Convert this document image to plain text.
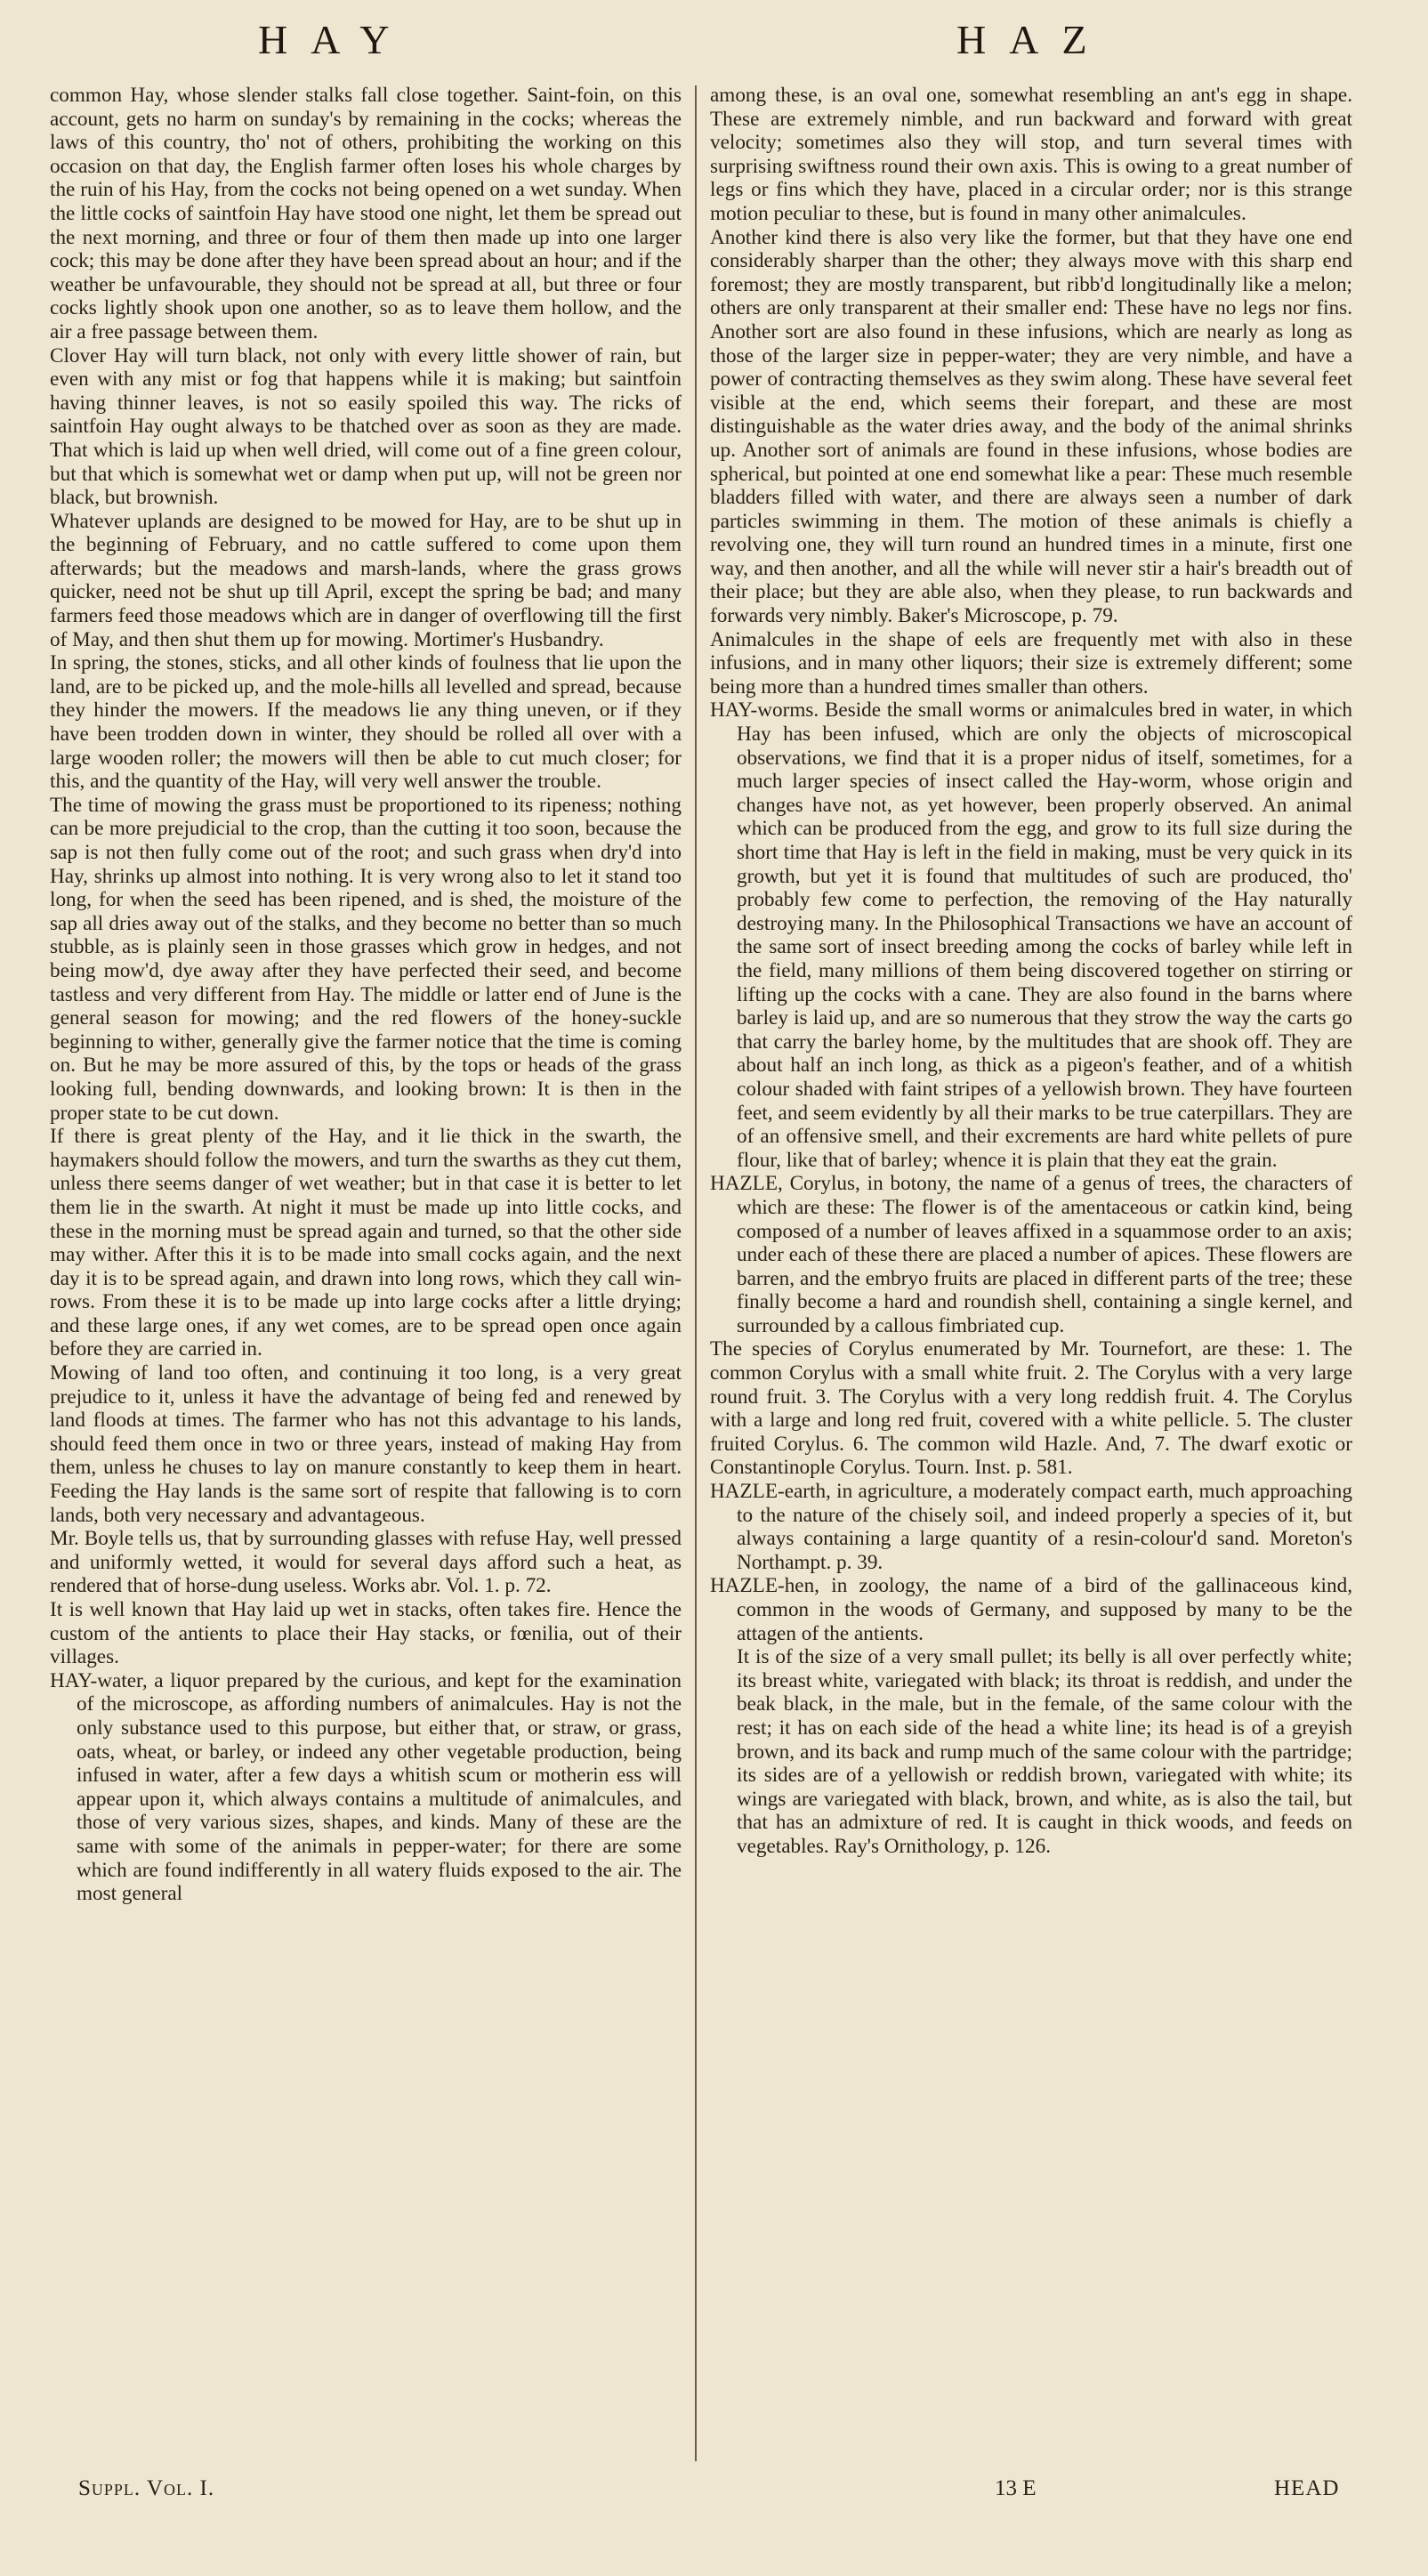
HAY	HAZ

common Hay, whose slender stalks fall close together. Saint-foin, on this account, gets no harm on sunday's by remaining in the cocks; whereas the laws of this country, tho' not of others, prohibiting the working on this occasion on that day, the English farmer often loses his whole charges by the ruin of his Hay, from the cocks not being opened on a wet sunday. When the little cocks of saintfoin Hay have stood one night, let them be spread out the next morning, and three or four of them then made up into one larger cock; this may be done after they have been spread about an hour; and if the weather be unfavourable, they should not be spread at all, but three or four cocks lightly shook upon one another, so as to leave them hollow, and the air a free passage between them.

Clover Hay will turn black, not only with every little shower of rain, but even with any mist or fog that happens while it is making; but saintfoin having thinner leaves, is not so easily spoiled this way. The ricks of saintfoin Hay ought always to be thatched over as soon as they are made. That which is laid up when well dried, will come out of a fine green colour, but that which is somewhat wet or damp when put up, will not be green nor black, but brownish.

Whatever uplands are designed to be mowed for Hay, are to be shut up in the beginning of February, and no cattle suffered to come upon them afterwards; but the meadows and marsh-lands, where the grass grows quicker, need not be shut up till April, except the spring be bad; and many farmers feed those meadows which are in danger of overflowing till the first of May, and then shut them up for mowing. Mortimer's Husbandry.

In spring, the stones, sticks, and all other kinds of foulness that lie upon the land, are to be picked up, and the mole-hills all levelled and spread, because they hinder the mowers. If the meadows lie any thing uneven, or if they have been trodden down in winter, they should be rolled all over with a large wooden roller; the mowers will then be able to cut much closer; for this, and the quantity of the Hay, will very well answer the trouble.

The time of mowing the grass must be proportioned to its ripeness; nothing can be more prejudicial to the crop, than the cutting it too soon, because the sap is not then fully come out of the root; and such grass when dry'd into Hay, shrinks up almost into nothing. It is very wrong also to let it stand too long, for when the seed has been ripened, and is shed, the moisture of the sap all dries away out of the stalks, and they become no better than so much stubble, as is plainly seen in those grasses which grow in hedges, and not being mow'd, dye away after they have perfected their seed, and become tastless and very different from Hay. The middle or latter end of June is the general season for mowing; and the red flowers of the honey-suckle beginning to wither, generally give the farmer notice that the time is coming on. But he may be more assured of this, by the tops or heads of the grass looking full, bending downwards, and looking brown: It is then in the proper state to be cut down.

If there is great plenty of the Hay, and it lie thick in the swarth, the haymakers should follow the mowers, and turn the swarths as they cut them, unless there seems danger of wet weather; but in that case it is better to let them lie in the swarth. At night it must be made up into little cocks, and these in the morning must be spread again and turned, so that the other side may wither. After this it is to be made into small cocks again, and the next day it is to be spread again, and drawn into long rows, which they call win-rows. From these it is to be made up into large cocks after a little drying; and these large ones, if any wet comes, are to be spread open once again before they are carried in.

Mowing of land too often, and continuing it too long, is a very great prejudice to it, unless it have the advantage of being fed and renewed by land floods at times. The farmer who has not this advantage to his lands, should feed them once in two or three years, instead of making Hay from them, unless he chuses to lay on manure constantly to keep them in heart. Feeding the Hay lands is the same sort of respite that fallowing is to corn lands, both very necessary and advantageous.

Mr. Boyle tells us, that by surrounding glasses with refuse Hay, well pressed and uniformly wetted, it would for several days afford such a heat, as rendered that of horse-dung useless. Works abr. Vol. 1. p. 72.

It is well known that Hay laid up wet in stacks, often takes fire. Hence the custom of the antients to place their Hay stacks, or fœnilia, out of their villages.

HAY-water, a liquor prepared by the curious, and kept for the examination of the microscope, as affording numbers of animalcules. Hay is not the only substance used to this purpose, but either that, or straw, or grass, oats, wheat, or barley, or indeed any other vegetable production, being infused in water, after a few days a whitish scum or motherin ess will appear upon it, which always contains a multitude of animalcules, and those of very various sizes, shapes, and kinds. Many of these are the same with some of the animals in pepper-water; for there are some which are found indifferently in all watery fluids exposed to the air. The most general

among these, is an oval one, somewhat resembling an ant's egg in shape. These are extremely nimble, and run backward and forward with great velocity; sometimes also they will stop, and turn several times with surprising swiftness round their own axis. This is owing to a great number of legs or fins which they have, placed in a circular order; nor is this strange motion peculiar to these, but is found in many other animalcules.

Another kind there is also very like the former, but that they have one end considerably sharper than the other; they always move with this sharp end foremost; they are mostly transparent, but ribb'd longitudinally like a melon; others are only transparent at their smaller end: These have no legs nor fins. Another sort are also found in these infusions, which are nearly as long as those of the larger size in pepper-water; they are very nimble, and have a power of contracting themselves as they swim along. These have several feet visible at the end, which seems their forepart, and these are most distinguishable as the water dries away, and the body of the animal shrinks up. Another sort of animals are found in these infusions, whose bodies are spherical, but pointed at one end somewhat like a pear: These much resemble bladders filled with water, and there are always seen a number of dark particles swimming in them. The motion of these animals is chiefly a revolving one, they will turn round an hundred times in a minute, first one way, and then another, and all the while will never stir a hair's breadth out of their place; but they are able also, when they please, to run backwards and forwards very nimbly. Baker's Microscope, p. 79.

Animalcules in the shape of eels are frequently met with also in these infusions, and in many other liquors; their size is extremely different; some being more than a hundred times smaller than others.

HAY-worms. Beside the small worms or animalcules bred in water, in which Hay has been infused, which are only the objects of microscopical observations, we find that it is a proper nidus of itself, sometimes, for a much larger species of insect called the Hay-worm, whose origin and changes have not, as yet however, been properly observed. An animal which can be produced from the egg, and grow to its full size during the short time that Hay is left in the field in making, must be very quick in its growth, but yet it is found that multitudes of such are produced, tho' probably few come to perfection, the removing of the Hay naturally destroying many. In the Philosophical Transactions we have an account of the same sort of insect breeding among the cocks of barley while left in the field, many millions of them being discovered together on stirring or lifting up the cocks with a cane. They are also found in the barns where barley is laid up, and are so numerous that they strow the way the carts go that carry the barley home, by the multitudes that are shook off. They are about half an inch long, as thick as a pigeon's feather, and of a whitish colour shaded with faint stripes of a yellowish brown. They have fourteen feet, and seem evidently by all their marks to be true caterpillars. They are of an offensive smell, and their excrements are hard white pellets of pure flour, like that of barley; whence it is plain that they eat the grain.

HAZLE, Corylus, in botony, the name of a genus of trees, the characters of which are these: The flower is of the amentaceous or catkin kind, being composed of a number of leaves affixed in a squammose order to an axis; under each of these there are placed a number of apices. These flowers are barren, and the embryo fruits are placed in different parts of the tree; these finally become a hard and roundish shell, containing a single kernel, and surrounded by a callous fimbriated cup.

The species of Corylus enumerated by Mr. Tournefort, are these: 1. The common Corylus with a small white fruit. 2. The Corylus with a very large round fruit. 3. The Corylus with a very long reddish fruit. 4. The Corylus with a large and long red fruit, covered with a white pellicle. 5. The cluster fruited Corylus. 6. The common wild Hazle. And, 7. The dwarf exotic or Constantinople Corylus. Tourn. Inst. p. 581.

HAZLE-earth, in agriculture, a moderately compact earth, much approaching to the nature of the chisely soil, and indeed properly a species of it, but always containing a large quantity of a resin-colour'd sand. Moreton's Northampt. p. 39.

HAZLE-hen, in zoology, the name of a bird of the gallinaceous kind, common in the woods of Germany, and supposed by many to be the attagen of the antients.

It is of the size of a very small pullet; its belly is all over perfectly white; its breast white, variegated with black; its throat is reddish, and under the beak black, in the male, but in the female, of the same colour with the rest; it has on each side of the head a white line; its head is of a greyish brown, and its back and rump much of the same colour with the partridge; its sides are of a yellowish or reddish brown, variegated with white; its wings are variegated with black, brown, and white, as is also the tail, but that has an admixture of red. It is caught in thick woods, and feeds on vegetables. Ray's Ornithology, p. 126.

Suppl. Vol. I.	13 E	HEAD
